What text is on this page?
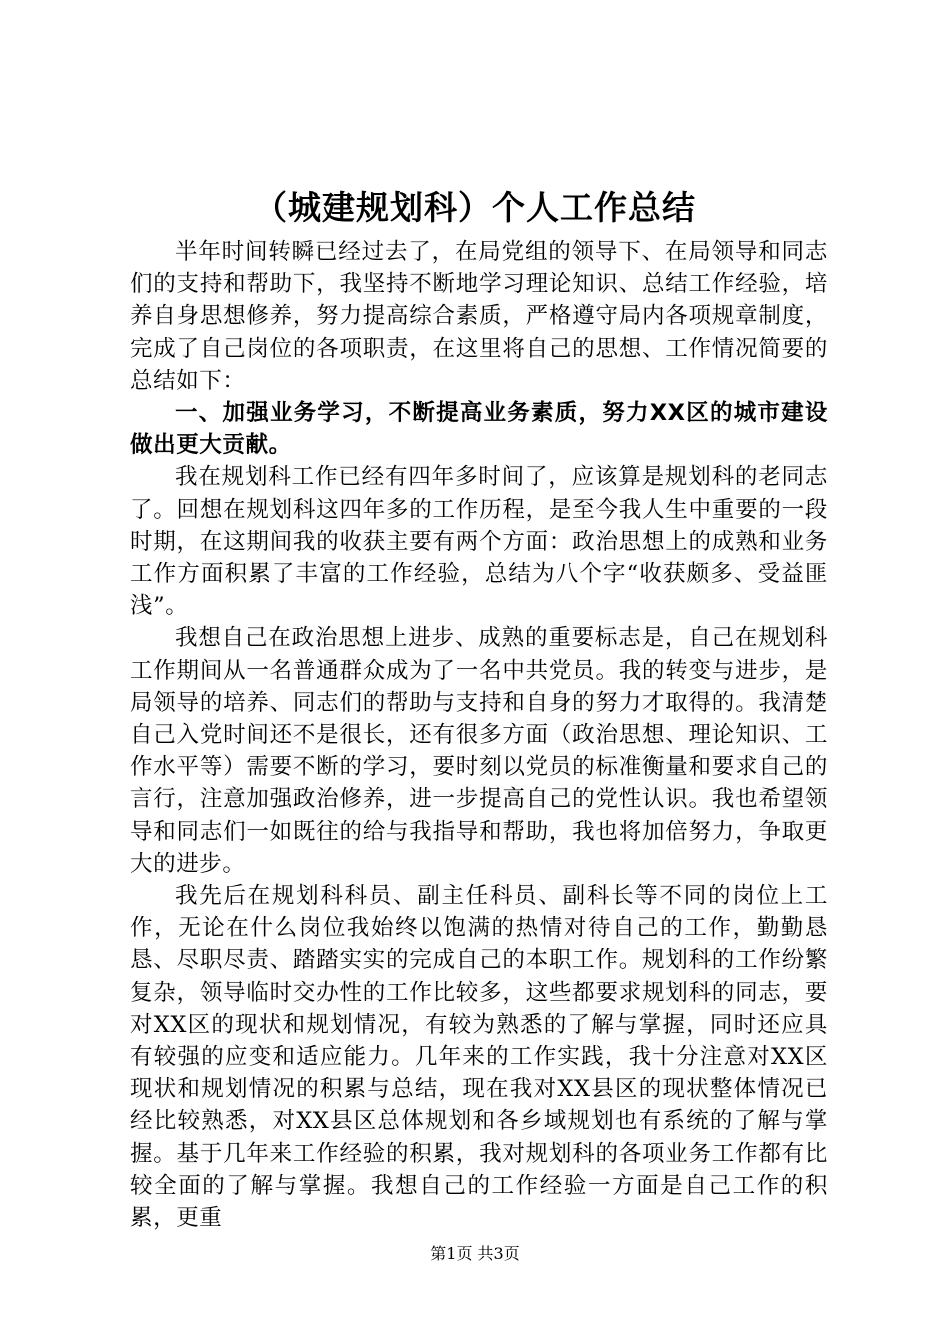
（城建规划科）个人工作总结

半年时间转瞬已经过去了，在局党组的领导下、在局领导和同志们的支持和帮助下，我坚持不断地学习理论知识、总结工作经验，培养自身思想修养，努力提高综合素质，严格遵守局内各项规章制度，完成了自己岗位的各项职责，在这里将自己的思想、工作情况简要的总结如下：

一、加强业务学习，不断提高业务素质，努力XX区的城市建设做出更大贡献。

我在规划科工作已经有四年多时间了，应该算是规划科的老同志了。回想在规划科这四年多的工作历程，是至今我人生中重要的一段时期，在这期间我的收获主要有两个方面：政治思想上的成熟和业务工作方面积累了丰富的工作经验，总结为八个字“收获颇多、受益匪浅”。

我想自己在政治思想上进步、成熟的重要标志是，自己在规划科工作期间从一名普通群众成为了一名中共党员。我的转变与进步，是局领导的培养、同志们的帮助与支持和自身的努力才取得的。我清楚自己入党时间还不是很长，还有很多方面（政治思想、理论知识、工作水平等）需要不断的学习，要时刻以党员的标准衡量和要求自己的言行，注意加强政治修养，进一步提高自己的党性认识。我也希望领导和同志们一如既往的给与我指导和帮助，我也将加倍努力，争取更大的进步。

我先后在规划科科员、副主任科员、副科长等不同的岗位上工作，无论在什么岗位我始终以饱满的热情对待自己的工作，勤勤恳恳、尽职尽责、踏踏实实的完成自己的本职工作。规划科的工作纷繁复杂，领导临时交办性的工作比较多，这些都要求规划科的同志，要对XX区的现状和规划情况，有较为熟悉的了解与掌握，同时还应具有较强的应变和适应能力。几年来的工作实践，我十分注意对XX区现状和规划情况的积累与总结，现在我对XX县区的现状整体情况已经比较熟悉，对XX县区总体规划和各乡域规划也有系统的了解与掌握。基于几年来工作经验的积累，我对规划科的各项业务工作都有比较全面的了解与掌握。我想自己的工作经验一方面是自己工作的积累，更重

第1页 共3页
